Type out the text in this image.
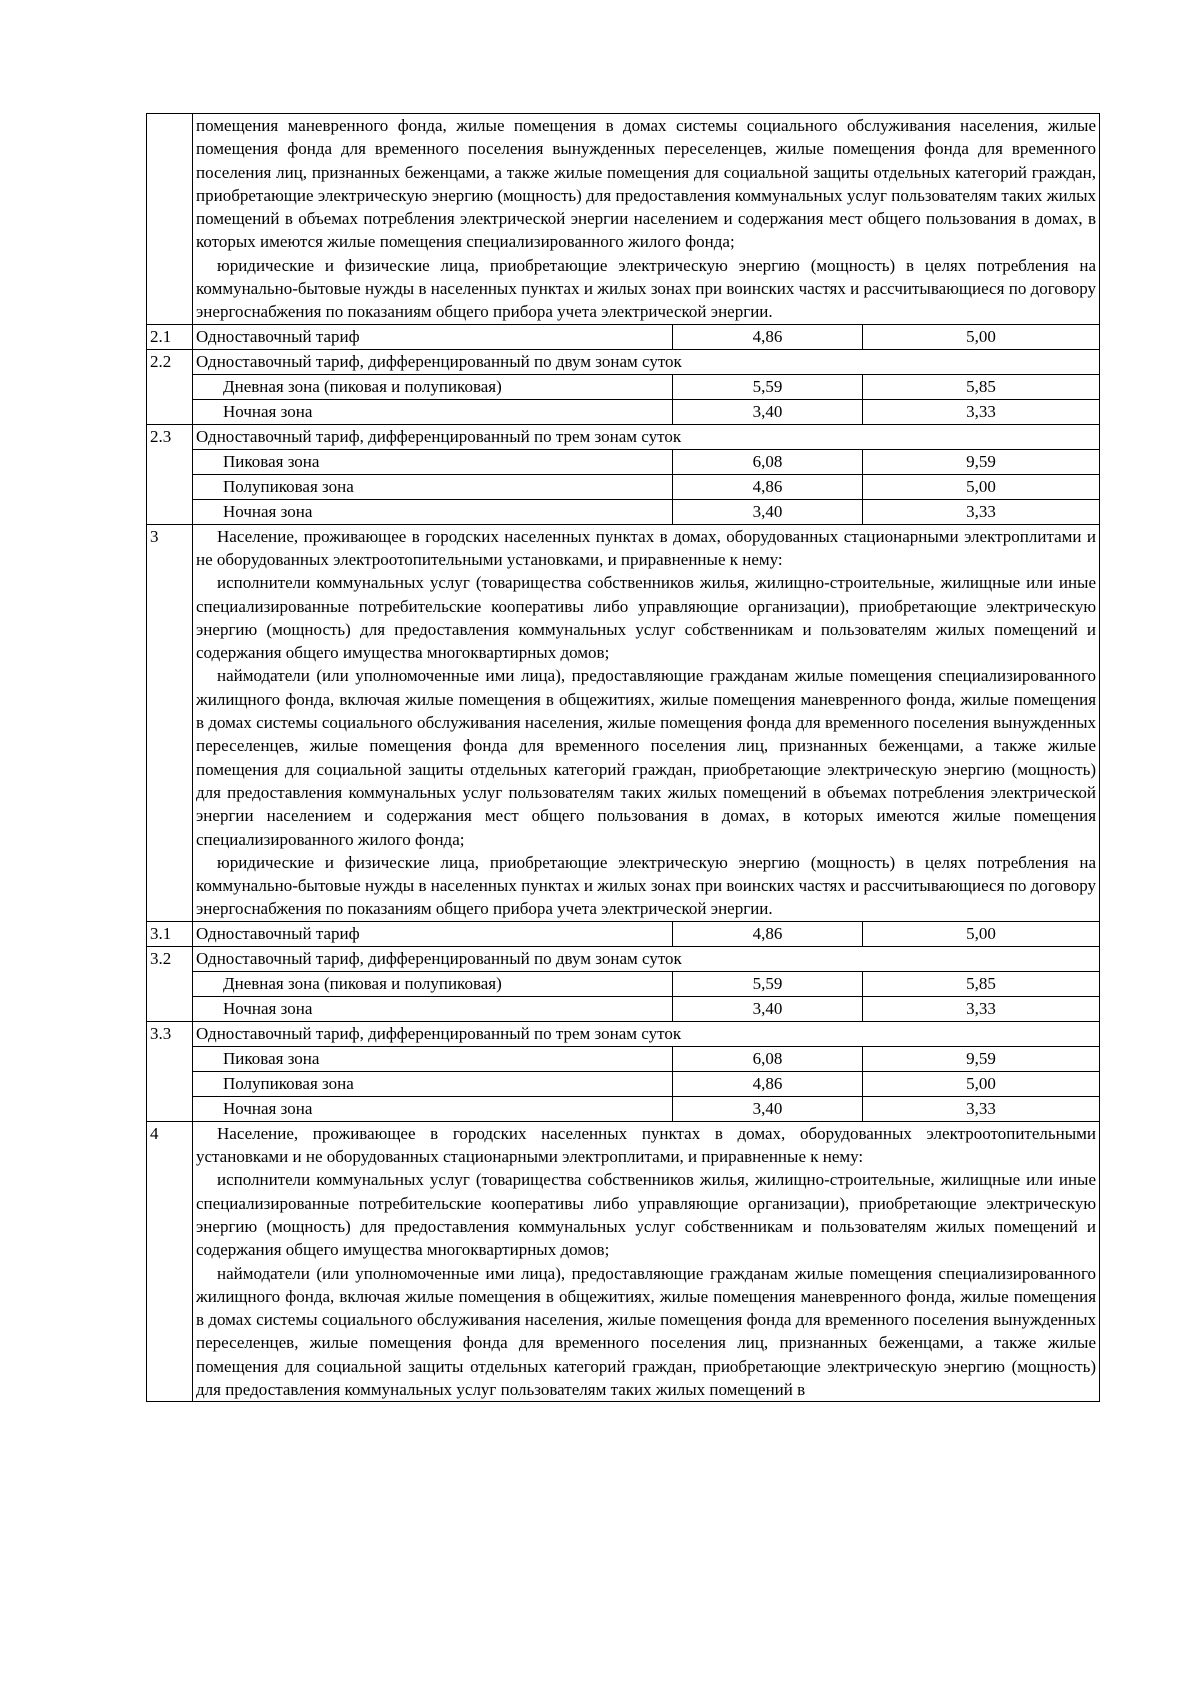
	помещения маневренного фонда, жилые помещения в домах системы социального обслуживания населения, жилые помещения фонда для временного поселения вынужденных переселенцев, жилые помещения фонда для временного поселения лиц, признанных беженцами, а также жилые помещения для социальной защиты отдельных категорий граждан, приобретающие электрическую энергию (мощность) для предоставления коммунальных услуг пользователям таких жилых помещений в объемах потребления электрической энергии населением и содержания мест общего пользования в домах, в которых имеются жилые помещения специализированного жилого фонда;

юридические и физические лица, приобретающие электрическую энергию (мощность) в целях потребления на коммунально-бытовые нужды в населенных пунктах и жилых зонах при воинских частях и рассчитывающиеся по договору энергоснабжения по показаниям общего прибора учета электрической энергии.		

2.1	Одноставочный тариф	4,86	5,00
2.2	Одноставочный тариф, дифференцированный по двум зонам суток		
	Дневная зона (пиковая и полупиковая)	5,59	5,85
	Ночная зона	3,40	3,33
2.3	Одноставочный тариф, дифференцированный по трем зонам суток		
	Пиковая зона	6,08	9,59
	Полупиковая зона	4,86	5,00
	Ночная зона	3,40	3,33
3	Население, проживающее в городских населенных пунктах в домах, оборудованных стационарными электроплитами и не оборудованных электроотопительными установками, и приравненные к нему:

исполнители коммунальных услуг (товарищества собственников жилья, жилищно-строительные, жилищные или иные специализированные потребительские кооперативы либо управляющие организации), приобретающие электрическую энергию (мощность) для предоставления коммунальных услуг собственникам и пользователям жилых помещений и содержания общего имущества многоквартирных домов;

наймодатели (или уполномоченные ими лица), предоставляющие гражданам жилые помещения специализированного жилищного фонда, включая жилые помещения в общежитиях, жилые помещения маневренного фонда, жилые помещения в домах системы социального обслуживания населения, жилые помещения фонда для временного поселения вынужденных переселенцев, жилые помещения фонда для временного поселения лиц, признанных беженцами, а также жилые помещения для социальной защиты отдельных категорий граждан, приобретающие электрическую энергию (мощность) для предоставления коммунальных услуг пользователям таких жилых помещений в объемах потребления электрической энергии населением и содержания мест общего пользования в домах, в которых имеются жилые помещения специализированного жилого фонда;

юридические и физические лица, приобретающие электрическую энергию (мощность) в целях потребления на коммунально-бытовые нужды в населенных пунктах и жилых зонах при воинских частях и рассчитывающиеся по договору энергоснабжения по показаниям общего прибора учета электрической энергии.		

3.1	Одноставочный тариф	4,86	5,00
3.2	Одноставочный тариф, дифференцированный по двум зонам суток		
	Дневная зона (пиковая и полупиковая)	5,59	5,85
	Ночная зона	3,40	3,33
3.3	Одноставочный тариф, дифференцированный по трем зонам суток		
	Пиковая зона	6,08	9,59
	Полупиковая зона	4,86	5,00
	Ночная зона	3,40	3,33
4	Население, проживающее в городских населенных пунктах в домах, оборудованных электроотопительными установками и не оборудованных стационарными электроплитами, и приравненные к нему:

исполнители коммунальных услуг (товарищества собственников жилья, жилищно-строительные, жилищные или иные специализированные потребительские кооперативы либо управляющие организации), приобретающие электрическую энергию (мощность) для предоставления коммунальных услуг собственникам и пользователям жилых помещений и содержания общего имущества многоквартирных домов;

наймодатели (или уполномоченные ими лица), предоставляющие гражданам жилые помещения специализированного жилищного фонда, включая жилые помещения в общежитиях, жилые помещения маневренного фонда, жилые помещения в домах системы социального обслуживания населения, жилые помещения фонда для временного поселения вынужденных переселенцев, жилые помещения фонда для временного поселения лиц, признанных беженцами, а также жилые помещения для социальной защиты отдельных категорий граждан, приобретающие электрическую энергию (мощность) для предоставления коммунальных услуг пользователям таких жилых помещений в		
